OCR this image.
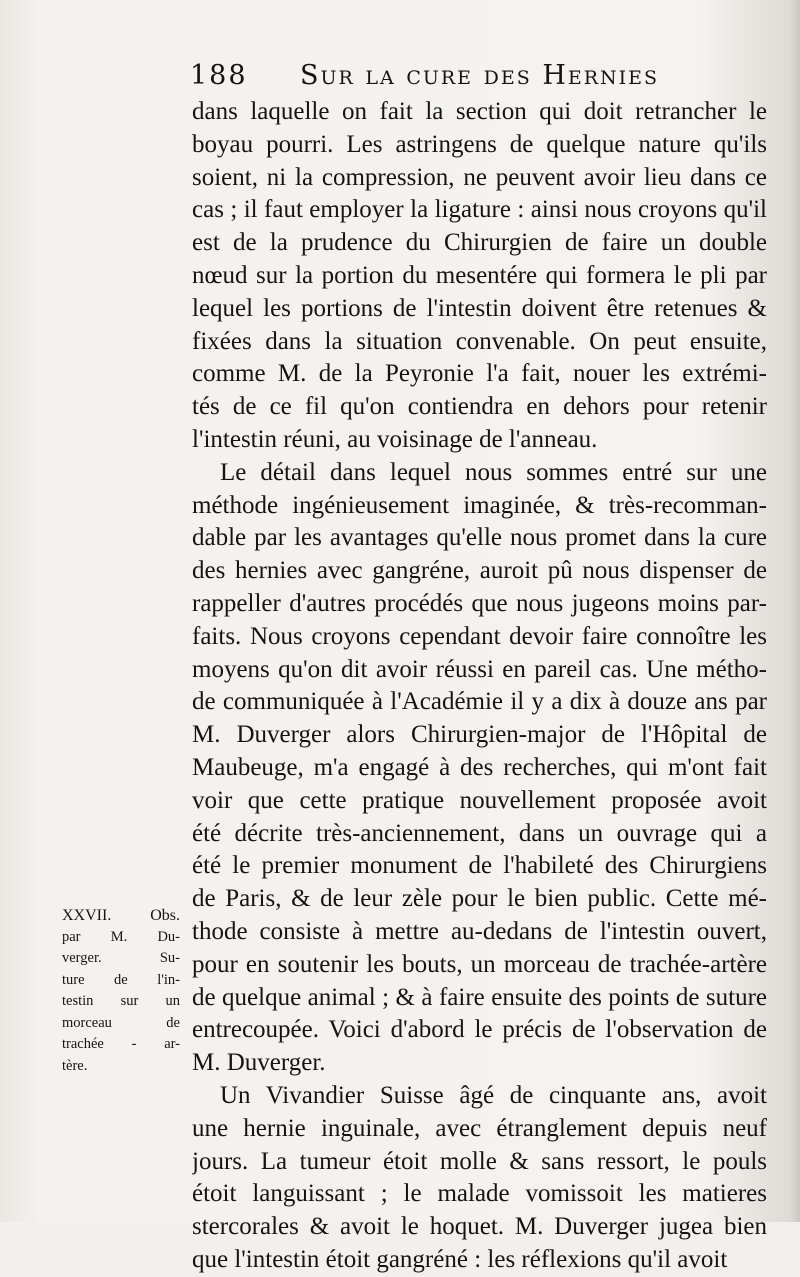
188 Sur la cure des Hernies
dans laquelle on fait la section qui doit retrancher le
boyau pourri. Les astringens de quelque nature qu'ils
soient, ni la compression, ne peuvent avoir lieu dans ce
cas ; il faut employer la ligature : ainsi nous croyons qu'il
est de la prudence du Chirurgien de faire un double
nœud sur la portion du mesentére qui formera le pli par
lequel les portions de l'intestin doivent être retenues &
fixées dans la situation convenable. On peut ensuite,
comme M. de la Peyronie l'a fait, nouer les extrémi-
tés de ce fil qu'on contiendra en dehors pour retenir
l'intestin réuni, au voisinage de l'anneau.
Le détail dans lequel nous sommes entré sur une
méthode ingénieusement imaginée, & très-recomman-
dable par les avantages qu'elle nous promet dans la cure
des hernies avec gangréne, auroit pû nous dispenser de
rappeller d'autres procédés que nous jugeons moins par-
faits. Nous croyons cependant devoir faire connoître les
moyens qu'on dit avoir réussi en pareil cas. Une métho-
de communiquée à l'Académie il y a dix à douze ans par
M. Duverger alors Chirurgien-major de l'Hôpital de
Maubeuge, m'a engagé à des recherches, qui m'ont fait
voir que cette pratique nouvellement proposée avoit
été décrite très-anciennement, dans un ouvrage qui a
été le premier monument de l'habileté des Chirurgiens
de Paris, & de leur zèle pour le bien public. Cette mé-
thode consiste à mettre au-dedans de l'intestin ouvert,
pour en soutenir les bouts, un morceau de trachée-artère
de quelque animal ; & à faire ensuite des points de suture
entrecoupée. Voici d'abord le précis de l'observation de
M. Duverger.
Un Vivandier Suisse âgé de cinquante ans, avoit
une hernie inguinale, avec étranglement depuis neuf
jours. La tumeur étoit molle & sans ressort, le pouls
étoit languissant ; le malade vomissoit les matieres
stercorales & avoit le hoquet. M. Duverger jugea bien
que l'intestin étoit gangréné : les réflexions qu'il avoit
XXVII. Obs.
par M. Du-
verger. Su-
ture de l'in-
testin sur un
morceau de
trachée - ar-
tère.
